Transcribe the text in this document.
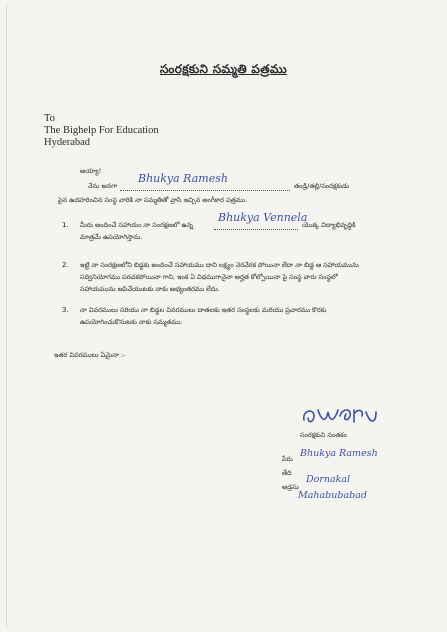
సంరక్షకుని సమ్మతి పత్రము
To
The Bighelp For Education
Hyderabad
అయ్యా!
నేను అనగా
Bhukya Ramesh
తండ్రి/తల్లి/సంరక్షకుడు
పైన ఉదహరించిన సంస్థ వారికి నా సమ్మతితో వ్రాసి ఇచ్చిన అంగీకార పత్రము.
1. మీరు అందించే సహాయం నా సంరక్షణలో ఉన్న
Bhukya Vennela
యొక్క విద్యాభివృద్ధికి
మాత్రమే ఉపయోగిస్తాను.
2. ఇట్టి నా సంరక్షణలోని బిడ్డకు అందించే సహాయము దాని లక్ష్యం నెరవేరక పోయినా లేదా నా బిడ్డ ఆ సహాయమును
సద్వినియోగము పరచకపోయినా గాని, ఇంక ఏ విధముగానైనా అర్హత కోల్పోయినా పై సంస్థ వారు సంస్థలో
సహాయమును ఆపివేయుటకు నాకు అభ్యంతరము లేదు.
3. నా వివరములు సరియు నా బిడ్డల వివరములు దాతలకు ఇతర సంస్థలకు మరియు ప్రచారము కొరకు
ఉపయోగించుకొనుటకు నాకు సమ్మతము.
ఇతర వివరములు ఏమైనా :-
సంరక్షకుని సంతకం
పేరు Bhukya Ramesh
తేది
అడ్రసు
Dornakal
Mahabubabad
